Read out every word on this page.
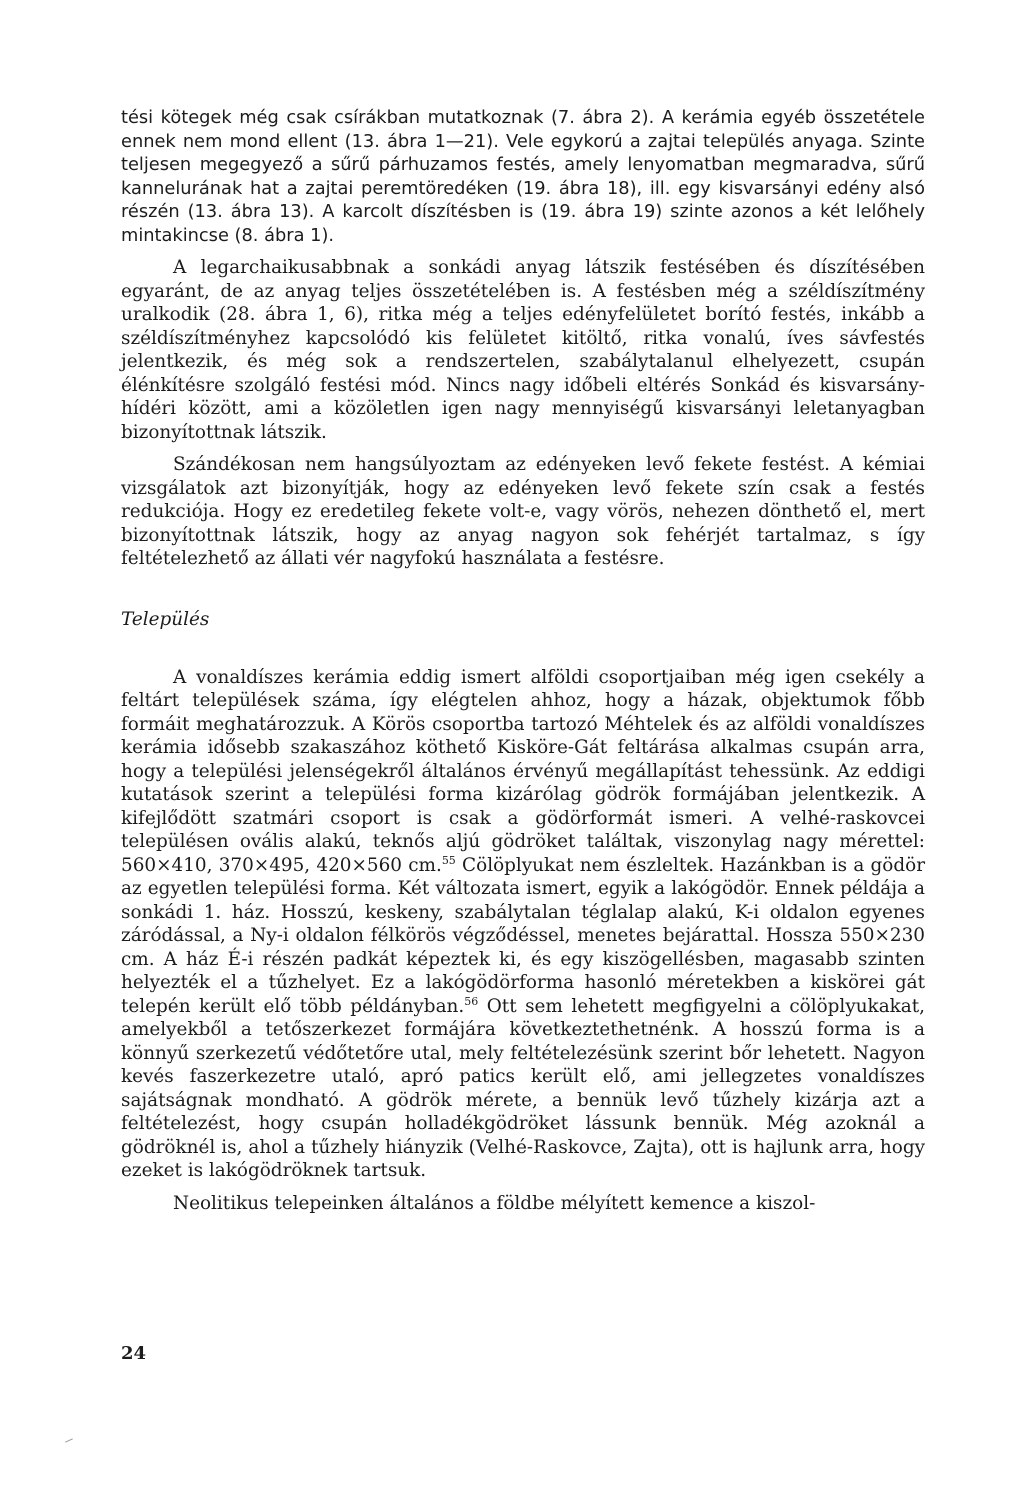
tési kötegek még csak csírákban mutatkoznak (7. ábra 2). A kerámia egyéb összetétele ennek nem mond ellent (13. ábra 1—21). Vele egykorú a zajtai település anyaga. Szinte teljesen megegyező a sűrű párhuzamos festés, amely lenyomatban megmaradva, sűrű kannelurának hat a zajtai peremtöredéken (19. ábra 18), ill. egy kisvarsányi edény alsó részén (13. ábra 13). A karcolt díszítésben is (19. ábra 19) szinte azonos a két lelőhely mintakincse (8. ábra 1).

A legarchaikusabbnak a sonkádi anyag látszik festésében és díszítésében egyaránt, de az anyag teljes összetételében is. A festésben még a széldíszítmény uralkodik (28. ábra 1, 6), ritka még a teljes edényfelületet borító festés, inkább a széldíszítményhez kapcsolódó kis felületet kitöltő, ritka vonalú, íves sávfestés jelentkezik, és még sok a rendszertelen, szabálytalanul elhelyezett, csupán élénkítésre szolgáló festési mód. Nincs nagy időbeli eltérés Sonkád és kisvarsány-hídéri között, ami a közöletlen igen nagy mennyiségű kisvarsányi leletanyagban bizonyítottnak látszik.

Szándékosan nem hangsúlyoztam az edényeken levő fekete festést. A kémiai vizsgálatok azt bizonyítják, hogy az edényeken levő fekete szín csak a festés redukciója. Hogy ez eredetileg fekete volt-e, vagy vörös, nehezen dönthető el, mert bizonyítottnak látszik, hogy az anyag nagyon sok fehérjét tartalmaz, s így feltételezhető az állati vér nagyfokú használata a festésre.

Település

A vonaldíszes kerámia eddig ismert alföldi csoportjaiban még igen csekély a feltárt települések száma, így elégtelen ahhoz, hogy a házak, objektumok főbb formáit meghatározzuk. A Körös csoportba tartozó Méhtelek és az alföldi vonaldíszes kerámia idősebb szakaszához köthető Kisköre-Gát feltárása alkalmas csupán arra, hogy a települési jelenségekről általános érvényű megállapítást tehessünk. Az eddigi kutatások szerint a települési forma kizárólag gödrök formájában jelentkezik. A kifejlődött szatmári csoport is csak a gödörformát ismeri. A velhé-raskovcei településen ovális alakú, teknős aljú gödröket találtak, viszonylag nagy mérettel: 560×410, 370×495, 420×560 cm.$^{55}$ Cölöplyukat nem észleltek. Hazánkban is a gödör az egyetlen települési forma. Két változata ismert, egyik a lakógödör. Ennek példája a sonkádi 1. ház. Hosszú, keskeny, szabálytalan téglalap alakú, K-i oldalon egyenes záródással, a Ny-i oldalon félkörös végződéssel, menetes bejárattal. Hossza 550×230 cm. A ház É-i részén padkát képeztek ki, és egy kiszögellésben, magasabb szinten helyezték el a tűzhelyet. Ez a lakógödörforma hasonló méretekben a kiskörei gát telepén került elő több példányban.$^{56}$ Ott sem lehetett megfigyelni a cölöplyukakat, amelyekből a tetőszerkezet formájára következtethetnénk. A hosszú forma is a könnyű szerkezetű védőtetőre utal, mely feltételezésünk szerint bőr lehetett. Nagyon kevés faszerkezetre utaló, apró patics került elő, ami jellegzetes vonaldíszes sajátságnak mondható. A gödrök mérete, a bennük levő tűzhely kizárja azt a feltételezést, hogy csupán holladékgödröket lássunk bennük. Még azoknál a gödröknél is, ahol a tűzhely hiányzik (Velhé-Raskovce, Zajta), ott is hajlunk arra, hogy ezeket is lakógödröknek tartsuk.

Neolitikus telepeinken általános a földbe mélyített kemence a kiszol-

24
